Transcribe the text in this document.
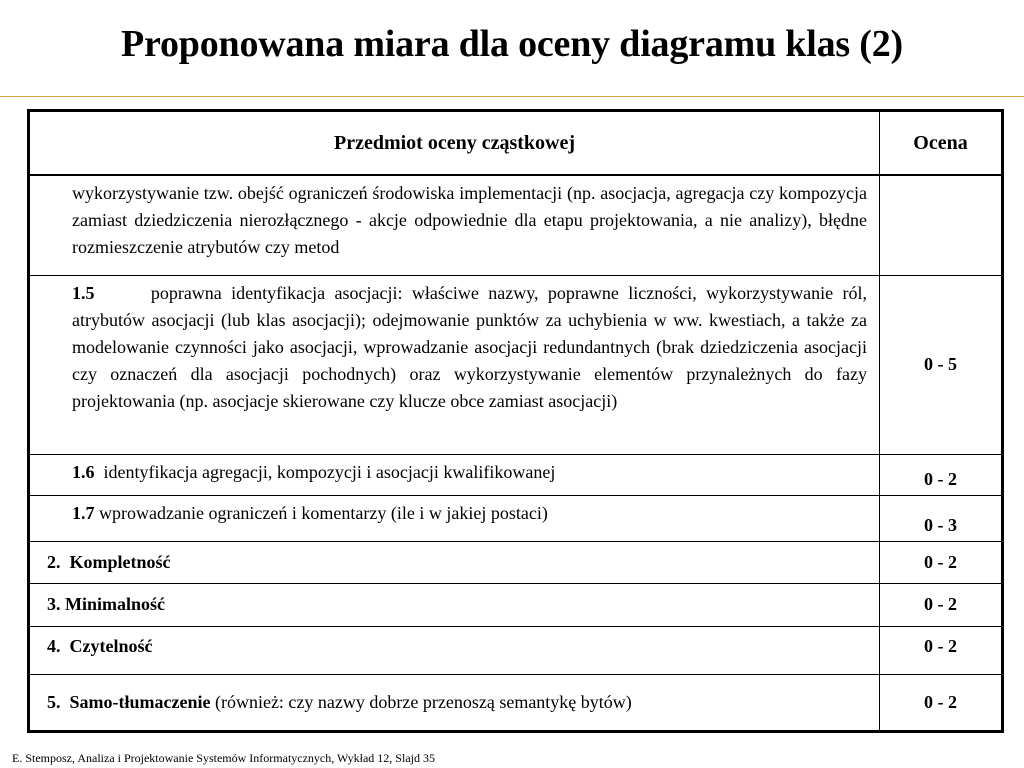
Proponowana miara dla oceny diagramu klas (2)
Przedmiot oceny cząstkowej	Ocena
wykorzystywanie tzw. obejść ograniczeń środowiska implementacji (np. asocjacja, agregacja czy kompozycja zamiast dziedziczenia nierozłącznego - akcje odpowiednie dla etapu projektowania, a nie analizy), błędne rozmieszczenie atrybutów czy metod	
1.5 poprawna identyfikacja asocjacji: właściwe nazwy, poprawne liczności, wykorzystywanie ról, atrybutów asocjacji (lub klas asocjacji); odejmowanie punktów za uchybienia w ww. kwestiach, a także za modelowanie czynności jako asocjacji, wprowadzanie asocjacji redundantnych (brak dziedziczenia asocjacji czy oznaczeń dla asocjacji pochodnych) oraz wykorzystywanie elementów przynależnych do fazy projektowania (np. asocjacje skierowane czy klucze obce zamiast asocjacji)	0 - 5
1.6 identyfikacja agregacji, kompozycji i asocjacji kwalifikowanej	0 - 2
1.7 wprowadzanie ograniczeń i komentarzy (ile i w jakiej postaci)	0 - 3
2. Kompletność	0 - 2
3. Minimalność	0 - 2
4. Czytelność	0 - 2
5. Samo-tłumaczenie (również: czy nazwy dobrze przenoszą semantykę bytów)	0 - 2
E. Stemposz, Analiza i Projektowanie Systemów Informatycznych, Wykład 12, Slajd 35
